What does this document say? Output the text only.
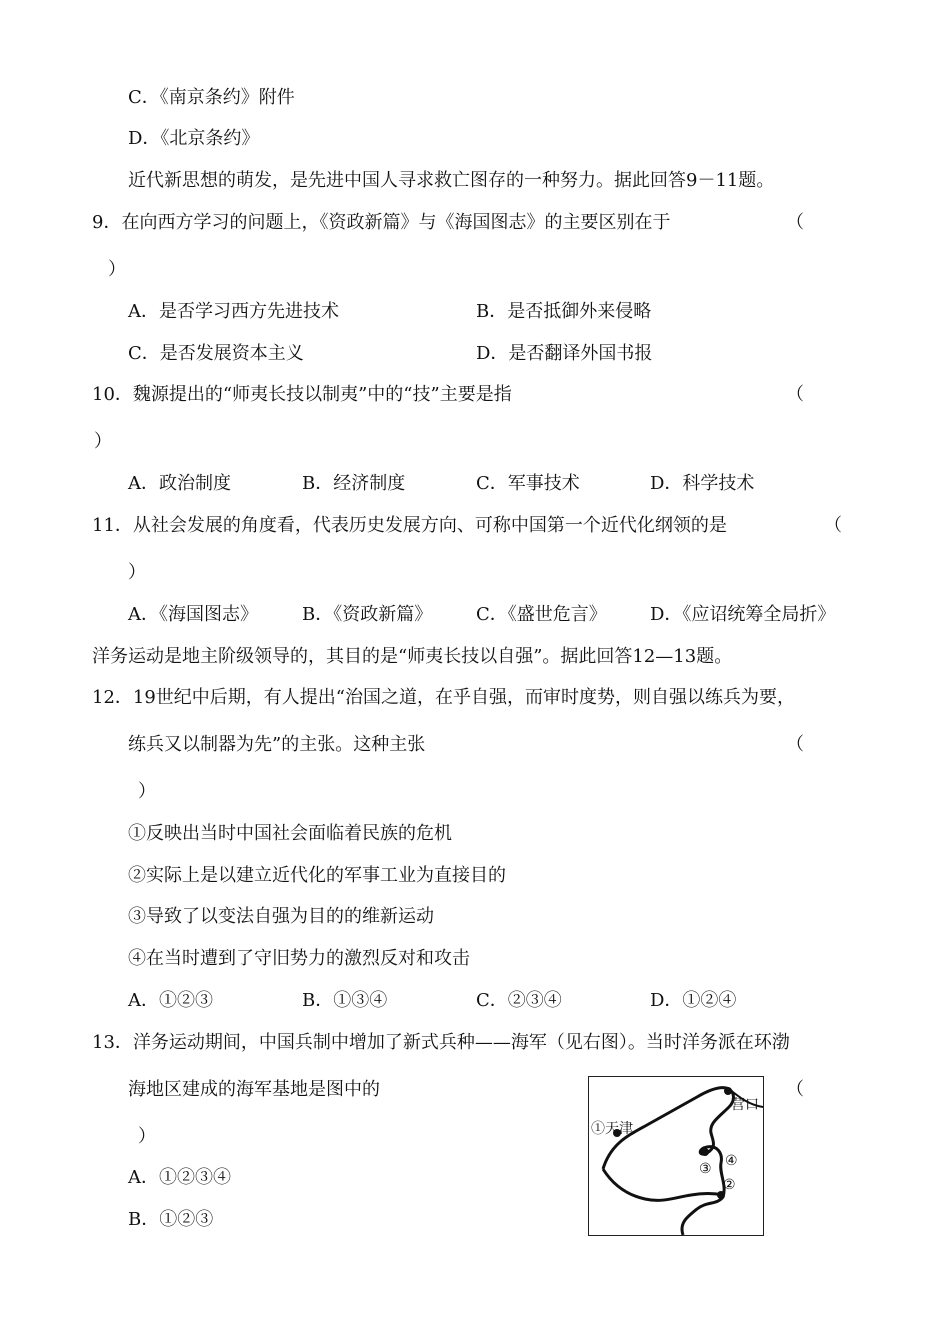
C．《南京条约》附件
D．《北京条约》
近代新思想的萌发，是先进中国人寻求救亡图存的一种努力。据此回答9－11题。
9．在向西方学习的问题上，《资政新篇》与《海国图志》的主要区别在于	（
）
A．是否学习西方先进技术	B．是否抵御外来侵略
C．是否发展资本主义	D．是否翻译外国书报
10．魏源提出的“师夷长技以制夷”中的“技”主要是指	（
）
A．政治制度	B．经济制度	C．军事技术	D．科学技术
11．从社会发展的角度看，代表历史发展方向、可称中国第一个近代化纲领的是	（
）
A．《海国图志》 B．《资政新篇》 C．《盛世危言》 D．《应诏统筹全局折》
洋务运动是地主阶级领导的，其目的是“师夷长技以自强”。据此回答12—13题。
12．19世纪中后期，有人提出“治国之道，在乎自强，而审时度势，则自强以练兵为要，
练兵又以制器为先”的主张。这种主张	（
）
①反映出当时中国社会面临着民族的危机
②实际上是以建立近代化的军事工业为直接目的
③导致了以变法自强为目的的维新运动
④在当时遭到了守旧势力的激烈反对和攻击
A．①②③	B．①③④	C．②③④	D．①②④
13．洋务运动期间，中国兵制中增加了新式兵种——海军（见右图）。当时洋务派在环渤
海地区建成的海军基地是图中的	（
）
A．①②③④
B．①②③
营口
①天津
③ ④
②
